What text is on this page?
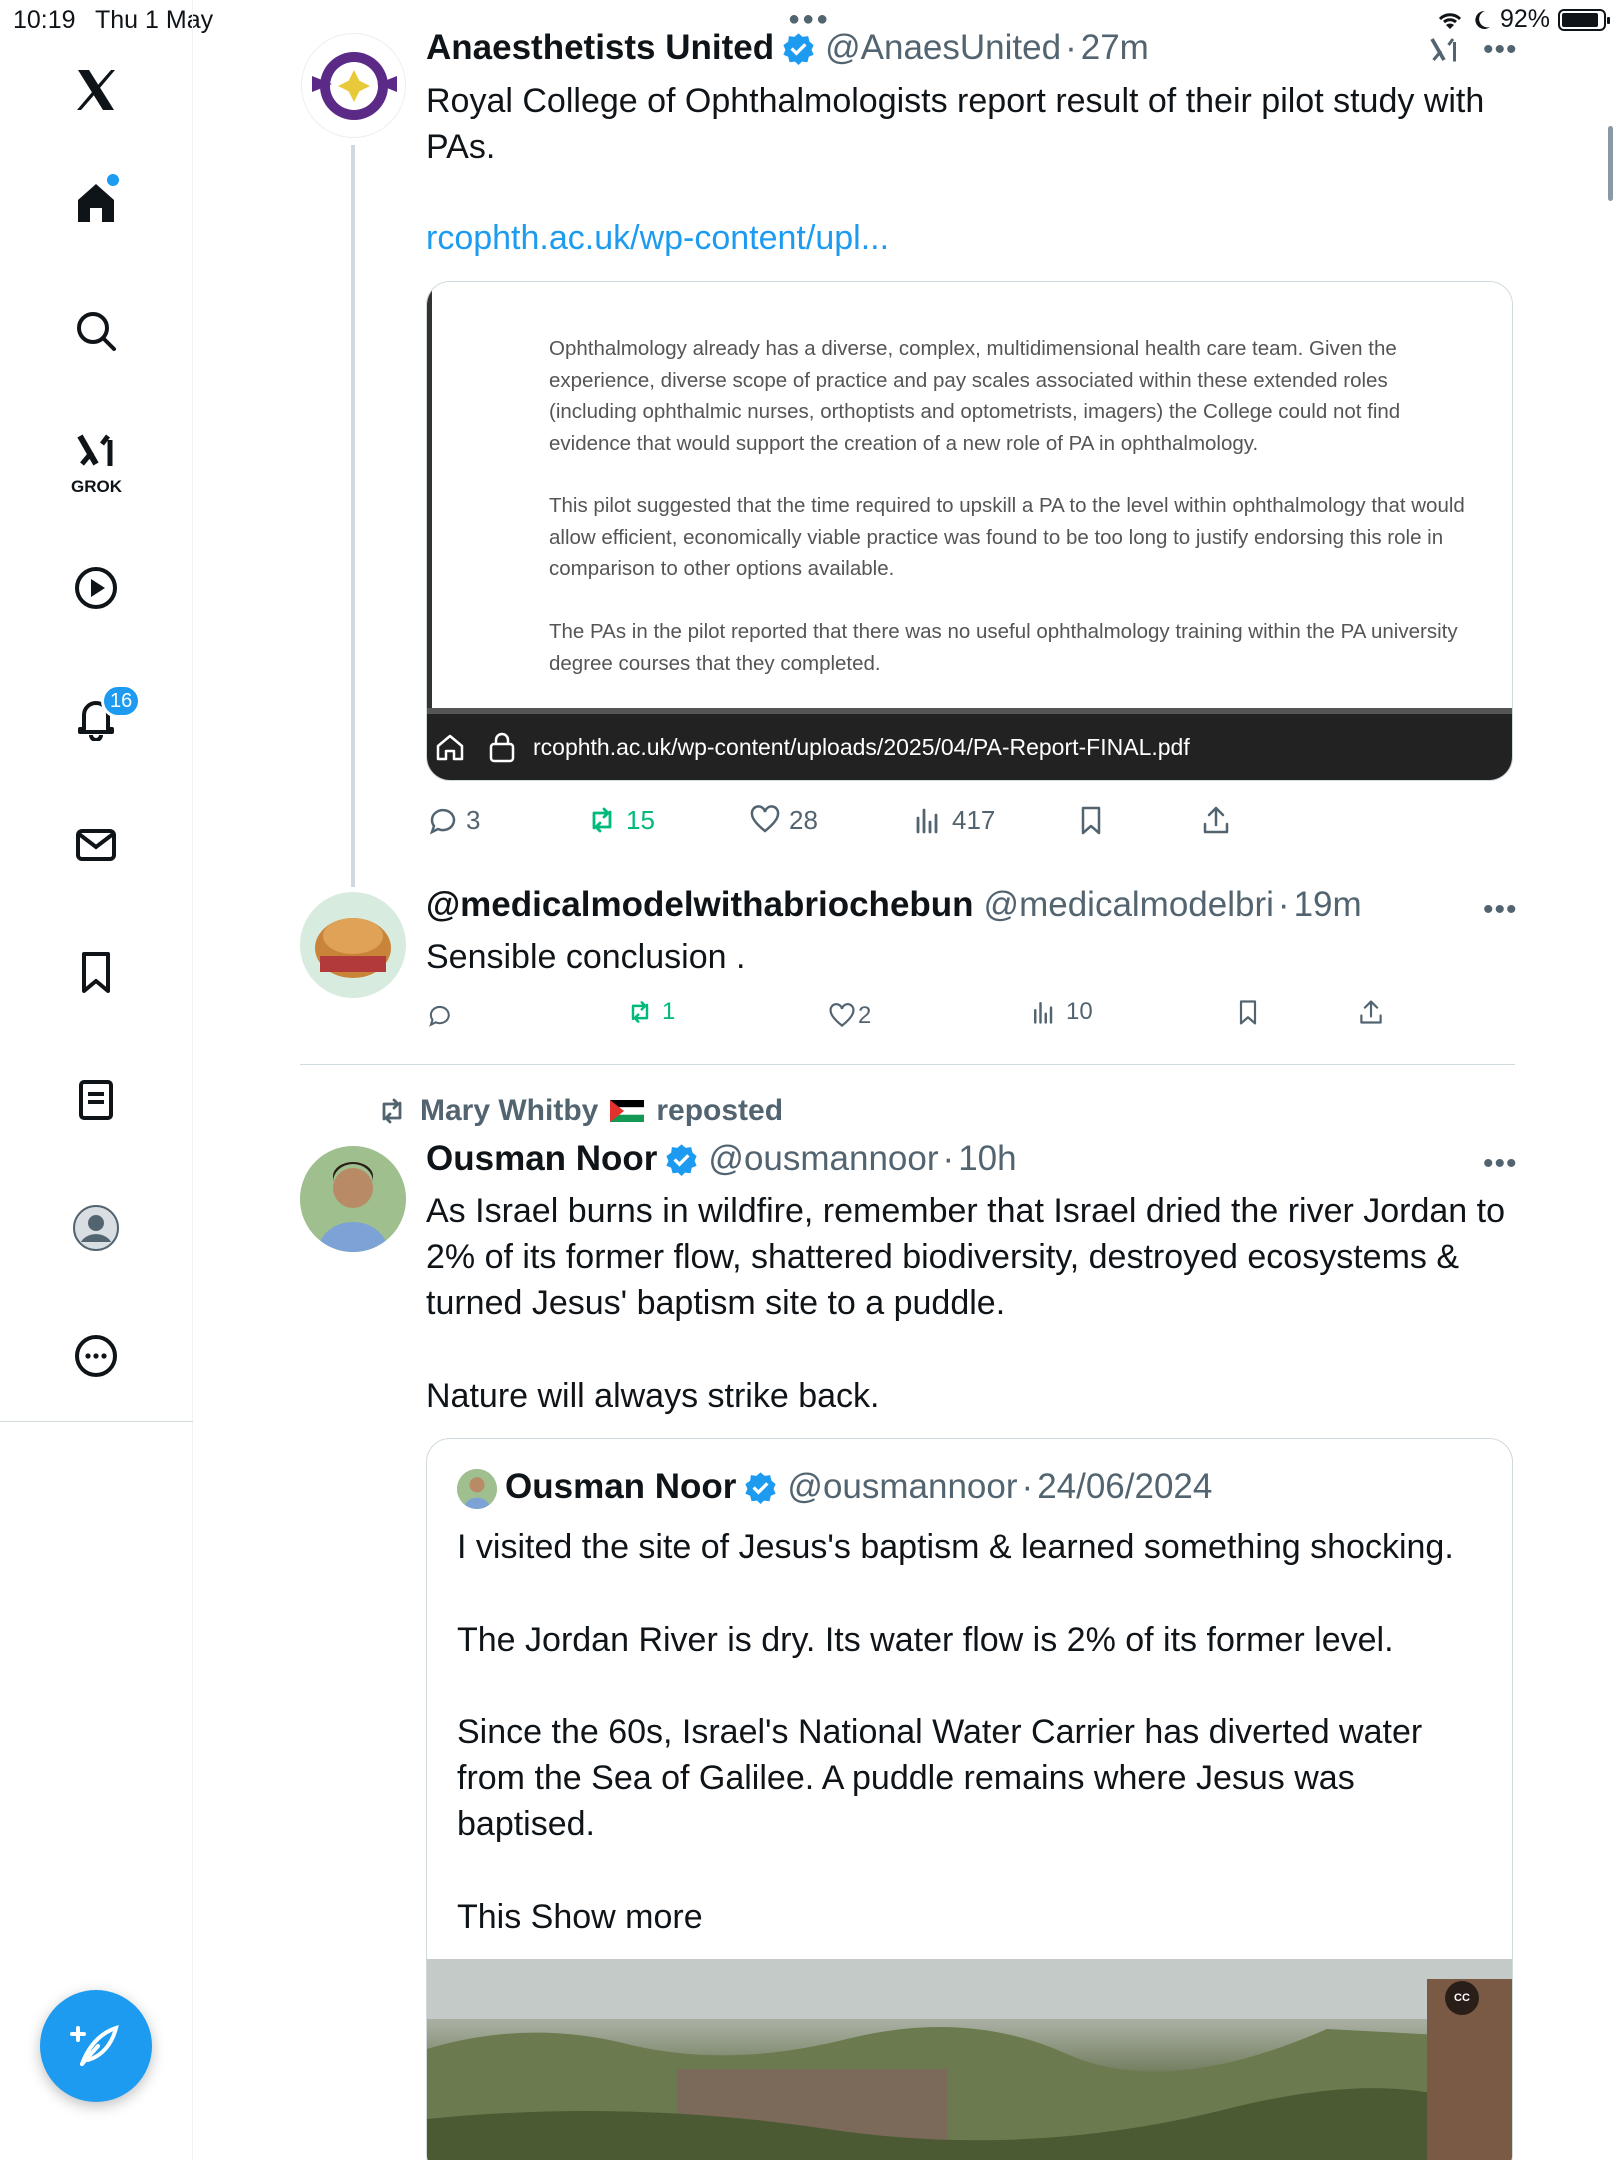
10:19 Thu 1 May	●●●	92%
GROK
16
Anaesthetists United @AnaesUnited · 27m	•••
Royal College of Ophthalmologists report result of their pilot study with
PAs.
rcophth.ac.uk/wp-content/upl...
Ophthalmology already has a diverse, complex, multidimensional health care team. Given the experience, diverse scope of practice and pay scales associated within these extended roles (including ophthalmic nurses, orthoptists and optometrists, imagers) the College could not find evidence that would support the creation of a new role of PA in ophthalmology.
This pilot suggested that the time required to upskill a PA to the level within ophthalmology that would allow efficient, economically viable practice was found to be too long to justify endorsing this role in comparison to other options available.
The PAs in the pilot reported that there was no useful ophthalmology training within the PA university degree courses that they completed.
rcophth.ac.uk/wp-content/uploads/2025/04/PA-Report-FINAL.pdf
3	15	28	417
@medicalmodelwithabriochebun @medicalmodelbri · 19m	•••
Sensible conclusion .
1	2	10
Mary Whitby reposted
Ousman Noor @ousmannoor · 10h	•••
As Israel burns in wildfire, remember that Israel dried the river Jordan to
2% of its former flow, shattered biodiversity, destroyed ecosystems &
turned Jesus' baptism site to a puddle.
Nature will always strike back.
Ousman Noor @ousmannoor · 24/06/2024
I visited the site of Jesus's baptism & learned something shocking.
The Jordan River is dry. Its water flow is 2% of its former level.
Since the 60s, Israel's National Water Carrier has diverted water
from the Sea of Galilee. A puddle remains where Jesus was
baptised.
This Show more
CC
